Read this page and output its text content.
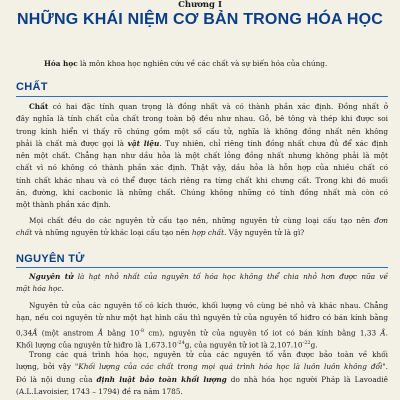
Chương I
NHỮNG KHÁI NIỆM CƠ BẢN TRONG HÓA HỌC
Hóa học là môn khoa học nghiên cứu về các chất và sự biến hóa của chúng.
CHẤT
Chất có hai đặc tính quan trọng là đồng nhất và có thành phần xác định. Đồng nhất ở
đây nghĩa là tính chất của chất trong toàn bộ đều như nhau. Gỗ, bê tông và thép khi được soi
trong kính hiển vi thấy rõ chúng gồm một số cấu tử, nghĩa là không đồng nhất nên không
phải là chất mà được gọi là vật liệu. Tuy nhiên, chỉ riêng tính đồng nhất chưa đủ để xác định
nên một chất. Chẳng hạn như dầu hỏa là một chất lỏng đồng nhất nhưng không phải là một
chất vì nó không có thành phần xác định. Thật vậy, dầu hỏa là hỗn hợp của nhiều chất có
tính chất khác nhau và có thể được tách riêng ra từng chất khi chưng cất. Trong khi đó muối
ăn, đường, khí cacbonic là những chất. Chúng không những có tính đồng nhất mà còn có
một thành phần xác định.
Mọi chất đều do các nguyên tử cấu tạo nên, những nguyên tử cùng loại cấu tạo nên đơn
chất và những nguyên tử khác loại cấu tạo nên hợp chất. Vậy nguyên tử là gì?
NGUYÊN TỬ
Nguyên tử là hạt nhỏ nhất của nguyên tố hóa học không thể chia nhỏ hơn được nữa về
mặt hóa học.
Nguyên tử của các nguyên tố có kích thước, khối lượng vô cùng bé nhỏ và khác nhau. Chẳng
hạn, nếu coi nguyên tử như một hạt hình cầu thì nguyên tử của nguyên tố hiđro có bán kính bằng
0,34Å (một anstrom Å bằng $10^{-8}$ cm), nguyên tử của nguyên tố iot có bán kính bằng 1,33 Å.
Khối lượng của nguyên tử hiđro là $1,673.10^{-24}g$, của nguyên tử iot là $2,107.10^{-22}g$.
Trong các quá trình hóa học, nguyên tử của các nguyên tố vẫn được bảo toàn về khối
lượng, bởi vậy "Khối lượng của các chất trong mọi quá trình hóa học là luôn luôn không đổi".
Đó là nội dung của định luật bảo toàn khối lượng do nhà hóa học người Pháp là Lavoadiê
(A.L.Lavoisier, 1743 – 1794) đề ra năm 1785.
